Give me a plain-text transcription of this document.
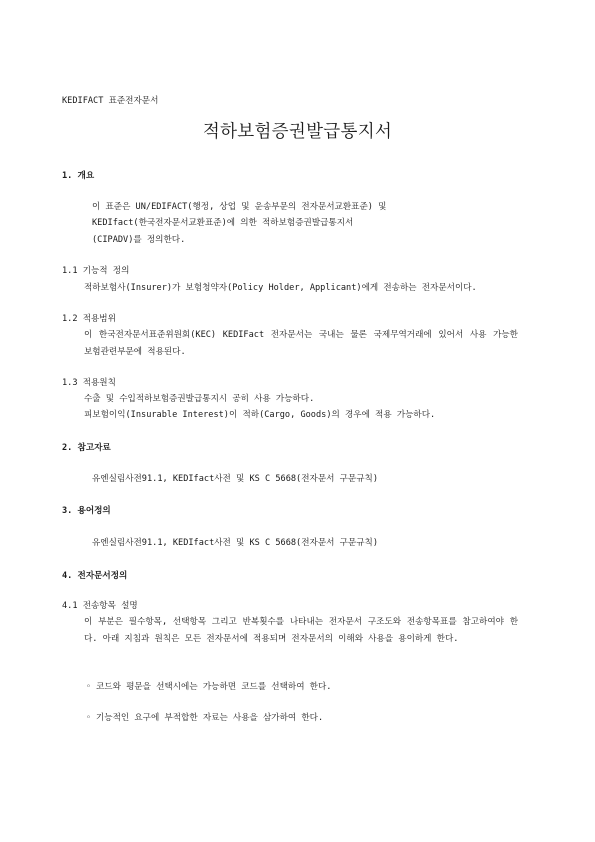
KEDIFACT 표준전자문서
적하보험증권발급통지서
1. 개요
이 표준은 UN/EDIFACT(행정, 상업 및 운송부문의 전자문서교환표준) 및
KEDIfact(한국전자문서교환표준)에 의한 적하보험증권발급통지서
(CIPADV)를 정의한다.
1.1 기능적 정의
적하보험사(Insurer)가 보험청약자(Policy Holder, Applicant)에게 전송하는 전자문서이다.
1.2 적용범위
이 한국전자문서표준위원회(KEC) KEDIFact 전자문서는 국내는 물론 국제무역거래에 있어서 사용 가능한 보험관련부문에 적용된다.
1.3 적용원칙
수출 및 수입적하보험증권발급통지시 공히 사용 가능하다.
피보험이익(Insurable Interest)이 적하(Cargo, Goods)의 경우에 적용 가능하다.
2. 참고자료
유엔실림사전91.1, KEDIfact사전 및 KS C 5668(전자문서 구문규칙)
3. 용어정의
유엔실림사전91.1, KEDIfact사전 및 KS C 5668(전자문서 구문규칙)
4. 전자문서정의
4.1 전송항목 설명
이 부분은 필수항목, 선택항목 그리고 반복횟수를 나타내는 전자문서 구조도와 전송항목표를 참고하여야 한다. 아래 지침과 원칙은 모든 전자문서에 적용되며 전자문서의 이해와 사용을 용이하게 한다.
◦ 코드와 평문을 선택시에는 가능하면 코드를 선택하여 한다.
◦ 기능적인 요구에 부적합한 자료는 사용을 삼가하여 한다.
